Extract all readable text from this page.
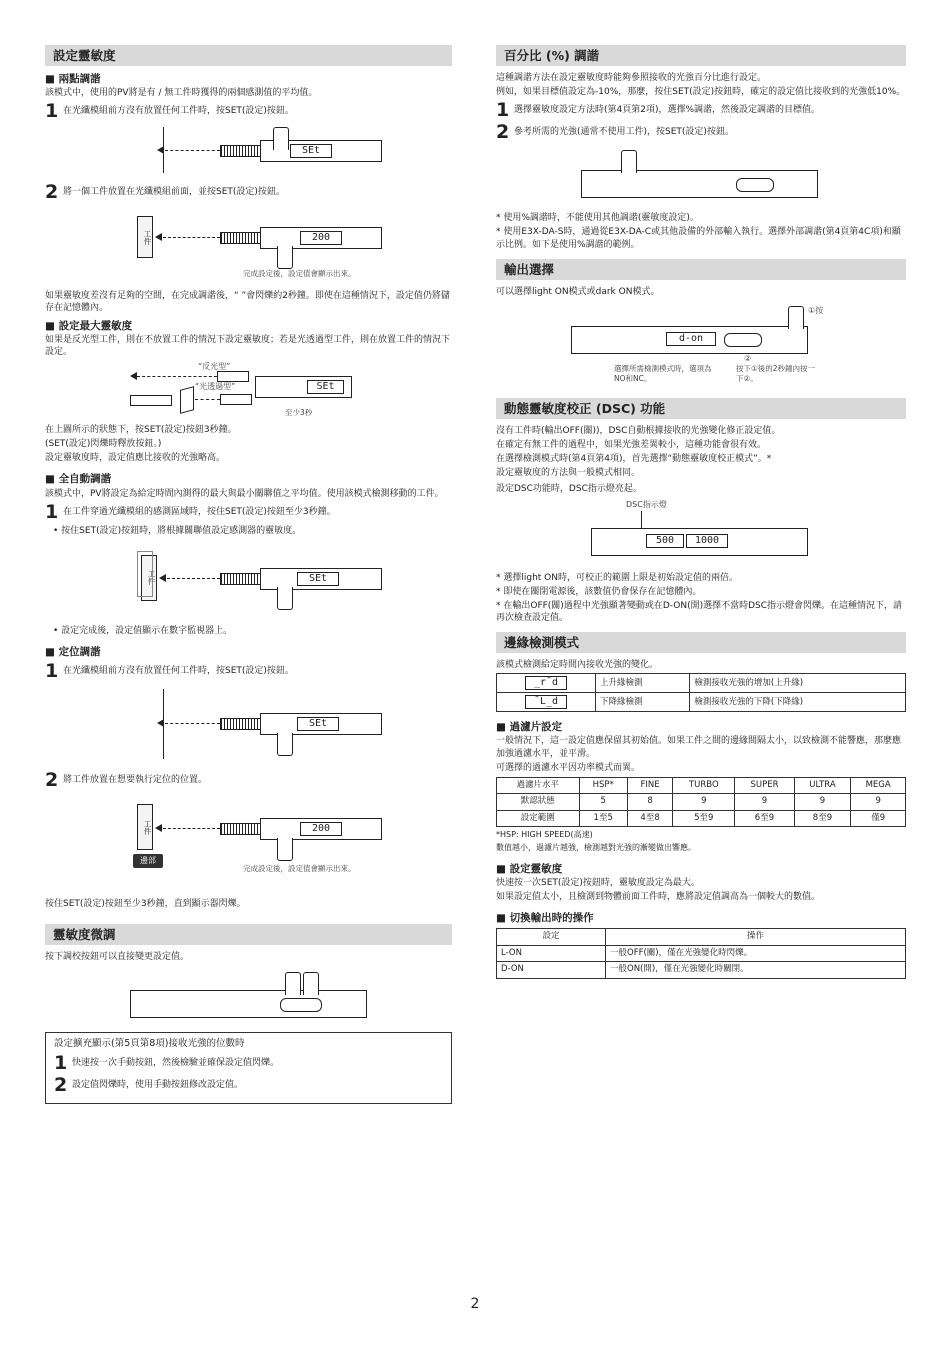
設定靈敏度
■ 兩點調諧

該模式中，使用的PV將是有 / 無工件時獲得的兩個感測值的平均值。

1 在光纖模組前方沒有放置任何工件時，按SET(設定)按鈕。
SEt
2 將一個工件放置在光纖模組前面，並按SET(設定)按鈕。
工件	200
完成設定後，設定值會顯示出來。

如果靈敏度差沒有足夠的空間，在完成調諧後，“ ”會閃爍約2秒鐘。即使在這種情況下，設定值仍將儲存在記憶體內。

■ 設定最大靈敏度

如果是反光型工件，則在不放置工件的情況下設定靈敏度；若是光透過型工件，則在放置工件的情況下設定。

“反光型”
“光透過型”	SEt
至少3秒

在上圖所示的狀態下，按SET(設定)按鈕3秒鐘。

(SET(設定)閃爍時釋放按鈕。)

設定靈敏度時，設定值應比接收的光強略高。

■ 全自動調諧

該模式中，PV將設定為給定時間內測得的最大與最小關聯值之平均值。使用該模式檢測移動的工件。

1 在工件穿過光纖模組的感測區域時，按住SET(設定)按鈕至少3秒鐘。

• 按住SET(設定)按鈕時，將根據關聯值設定感測器的靈敏度。

工件	SEt

• 設定完成後，設定值顯示在數字監視器上。

■ 定位調諧
1 在光纖模組前方沒有放置任何工件時，按SET(設定)按鈕。
SEt
2 將工件放置在想要執行定位的位置。
工件
邊部
200
完成設定後，設定值會顯示出來。

按住SET(設定)按鈕至少3秒鐘，直到顯示器閃爍。

靈敏度微調

按下調校按鈕可以直接變更設定值。

設定擴充顯示(第5頁第8項)接收光強的位數時

1 快速按一次手動按鈕，然後檢驗並確保設定值閃爍。
2 設定值閃爍時，使用手動按鈕修改設定值。
百分比 (%) 調諧

這種調諧方法在設定靈敏度時能夠參照接收的光強百分比進行設定。

例如，如果目標值設定為-10%，那麼，按住SET(設定)按鈕時，確定的設定值比接收到的光強低10%。

1 選擇靈敏度設定方法時(第4頁第2項)，選擇%調諧，然後設定調諧的目標值。
2 參考所需的光強(通常不使用工件)，按SET(設定)按鈕。

* 使用%調諧時，不能使用其他調諧(靈敏度設定)。

* 使用E3X-DA-S時，通過從E3X-DA-C或其他設備的外部輸入執行。選擇外部調諧(第4頁第4C項)和顯示比例。如下是使用%調諧的範例。

輸出選擇

可以選擇light ON模式或dark ON模式。

d-on
①按
②
選擇所需檢測模式時，選項為NO和NC。
按下①後的2秒鐘內按一下②。
動態靈敏度校正 (DSC) 功能

沒有工件時(輸出OFF(關))，DSC自動根據接收的光強變化修正設定值。

在確定有無工件的過程中，如果光強差異較小，這種功能會很有效。

在選擇檢測模式時(第4頁第4項)，首先選擇“動態靈敏度校正模式”。*

設定靈敏度的方法與一般模式相同。

設定DSC功能時，DSC指示燈亮起。

DSC指示燈
500	1000

* 選擇light ON時，可校正的範圍上限是初始設定值的兩倍。

* 即使在關閉電源後，該數值仍會保存在記憶體內。

* 在輸出OFF(關)過程中光強顯著變動或在D-ON(開)選擇不當時DSC指示燈會閃爍。在這種情況下，請再次檢查設定值。

邊緣檢測模式

該模式檢測給定時間內接收光強的變化。

_r¯d	上升緣檢測	檢測接收光強的增加(上升緣)
¯L_d	下降緣檢測	檢測接收光強的下降(下降緣)
■ 過濾片設定

一般情況下，這一設定值應保留其初始值。如果工件之間的邊緣間隔太小，以致檢測不能響應，那麼應加強過濾水平，並平滑。

可選擇的過濾水平因功率模式而異。

過濾片水平	HSP*	FINE	TURBO	SUPER	ULTRA	MEGA
默認狀態	5	8	9	9	9	9
設定範圍	1至5	4至8	5至9	6至9	8至9	僅9

*HSP: HIGH SPEED(高速)

數值越小，過濾片越強，檢測越對光強的漸變做出響應。

■ 設定靈敏度

快速按一次SET(設定)按鈕時，靈敏度設定為最大。

如果設定值太小，且檢測到物體前面工件時，應將設定值調高為一個較大的數值。

■ 切換輸出時的操作
設定	操作
L-ON	一般OFF(關)，僅在光強變化時閃爍。
D-ON	一般ON(開)，僅在光強變化時關閉。
2
